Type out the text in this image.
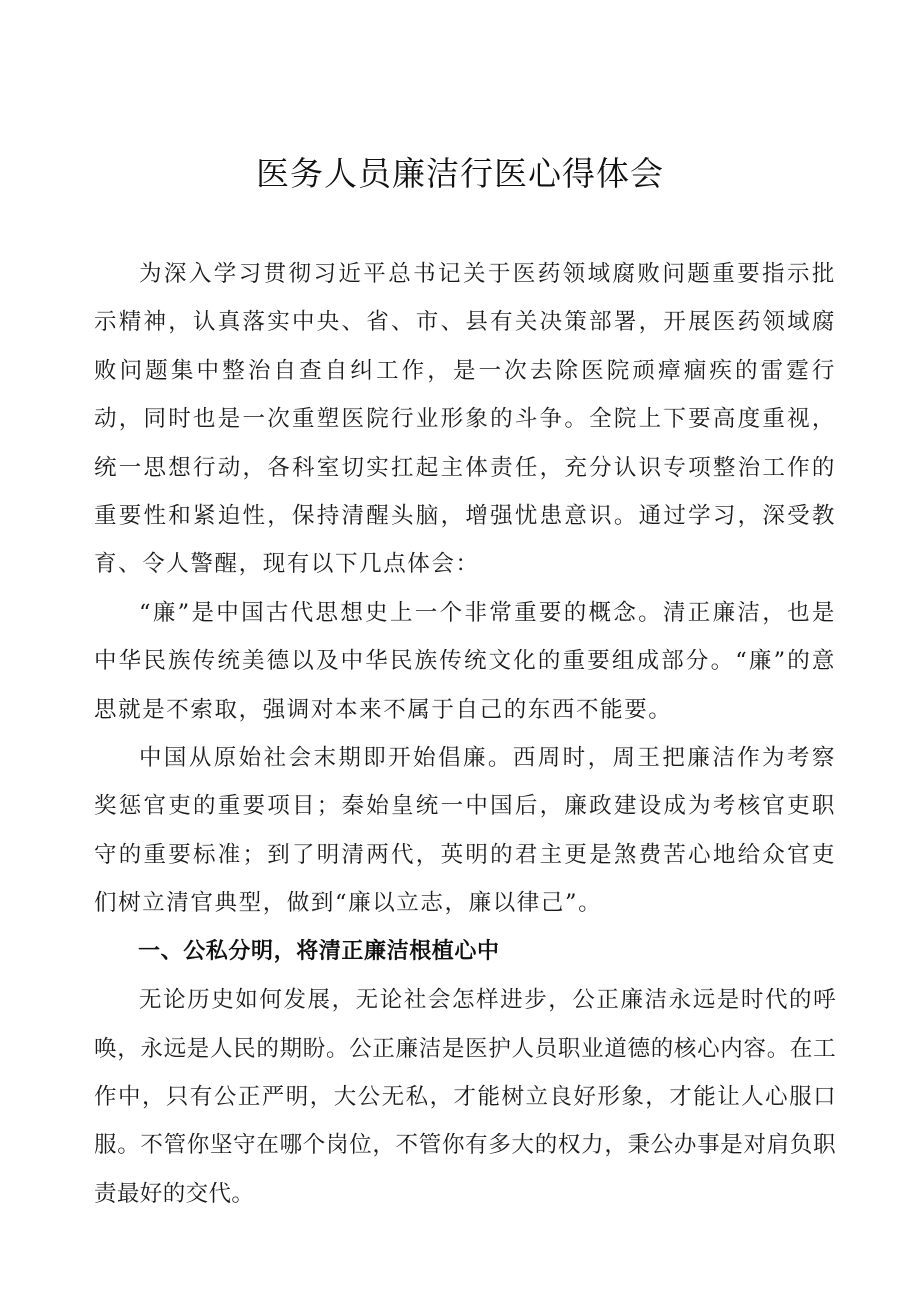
医务人员廉洁行医心得体会

为深入学习贯彻习近平总书记关于医药领域腐败问题重要指示批示精神，认真落实中央、省、市、县有关决策部署，开展医药领域腐败问题集中整治自查自纠工作，是一次去除医院顽瘴痼疾的雷霆行动，同时也是一次重塑医院行业形象的斗争。全院上下要高度重视，统一思想行动，各科室切实扛起主体责任，充分认识专项整治工作的重要性和紧迫性，保持清醒头脑，增强忧患意识。通过学习，深受教育、令人警醒，现有以下几点体会：

“廉”是中国古代思想史上一个非常重要的概念。清正廉洁，也是中华民族传统美德以及中华民族传统文化的重要组成部分。“廉”的意思就是不索取，强调对本来不属于自己的东西不能要。

中国从原始社会末期即开始倡廉。西周时，周王把廉洁作为考察奖惩官吏的重要项目；秦始皇统一中国后，廉政建设成为考核官吏职守的重要标准；到了明清两代，英明的君主更是煞费苦心地给众官吏们树立清官典型，做到“廉以立志，廉以律己”。

一、公私分明，将清正廉洁根植心中

无论历史如何发展，无论社会怎样进步，公正廉洁永远是时代的呼唤，永远是人民的期盼。公正廉洁是医护人员职业道德的核心内容。在工作中，只有公正严明，大公无私，才能树立良好形象，才能让人心服口服。不管你坚守在哪个岗位，不管你有多大的权力，秉公办事是对肩负职责最好的交代。
